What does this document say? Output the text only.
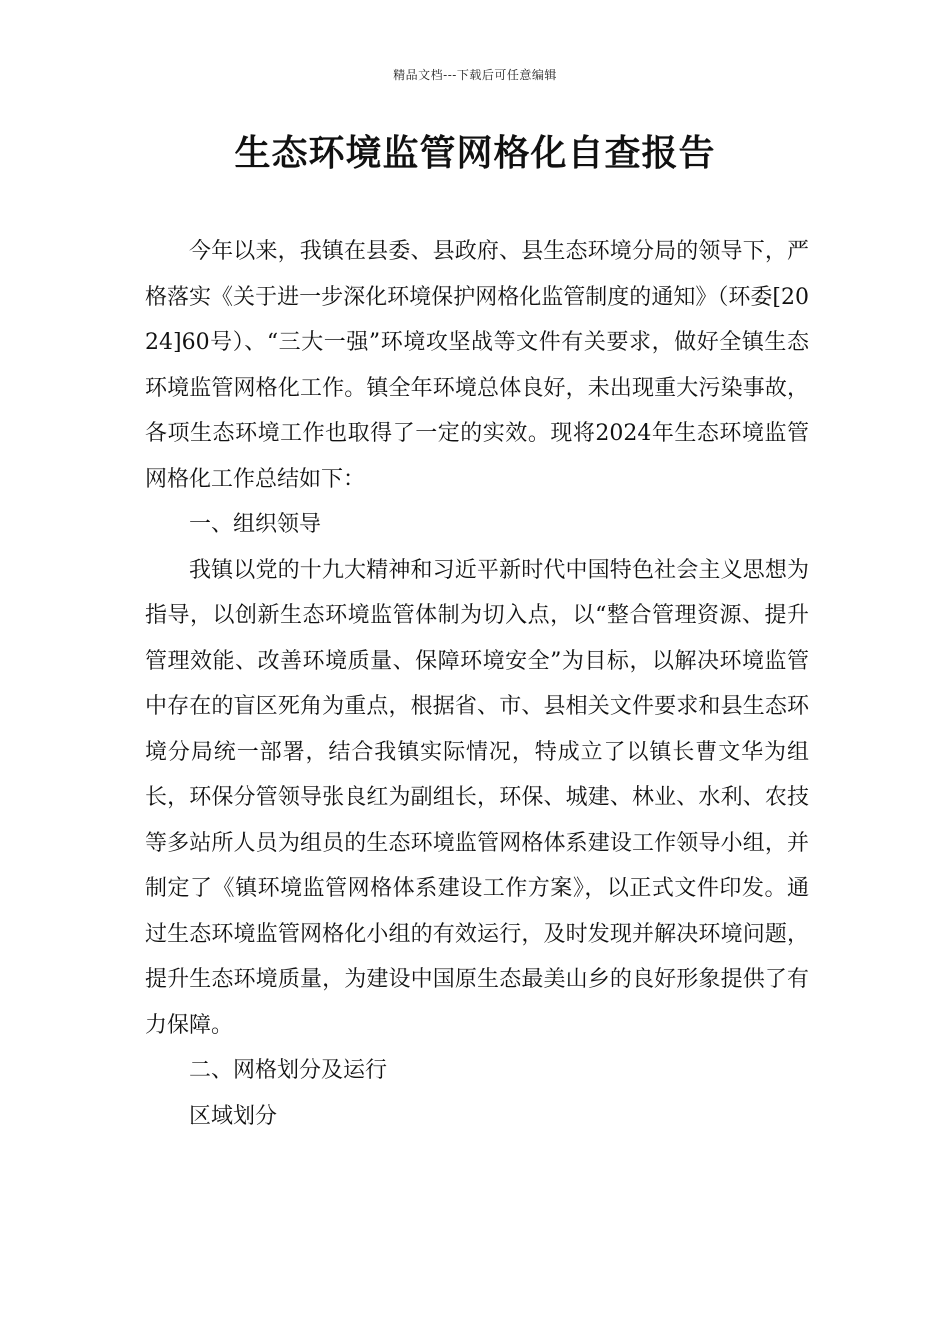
精品文档---下载后可任意编辑
生态环境监管网格化自查报告

今年以来，我镇在县委、县政府、县生态环境分局的领导下，严格落实《关于进一步深化环境保护网格化监管制度的通知》（环委[2024]60号）、“三大一强”环境攻坚战等文件有关要求，做好全镇生态环境监管网格化工作。镇全年环境总体良好，未出现重大污染事故，各项生态环境工作也取得了一定的实效。现将2024年生态环境监管网格化工作总结如下：

一、组织领导

我镇以党的十九大精神和习近平新时代中国特色社会主义思想为指导，以创新生态环境监管体制为切入点，以“整合管理资源、提升管理效能、改善环境质量、保障环境安全”为目标，以解决环境监管中存在的盲区死角为重点，根据省、市、县相关文件要求和县生态环境分局统一部署，结合我镇实际情况，特成立了以镇长曹文华为组长，环保分管领导张良红为副组长，环保、城建、林业、水利、农技等多站所人员为组员的生态环境监管网格体系建设工作领导小组，并制定了《镇环境监管网格体系建设工作方案》，以正式文件印发。通过生态环境监管网格化小组的有效运行，及时发现并解决环境问题，提升生态环境质量，为建设中国原生态最美山乡的良好形象提供了有力保障。

二、网格划分及运行

区域划分
